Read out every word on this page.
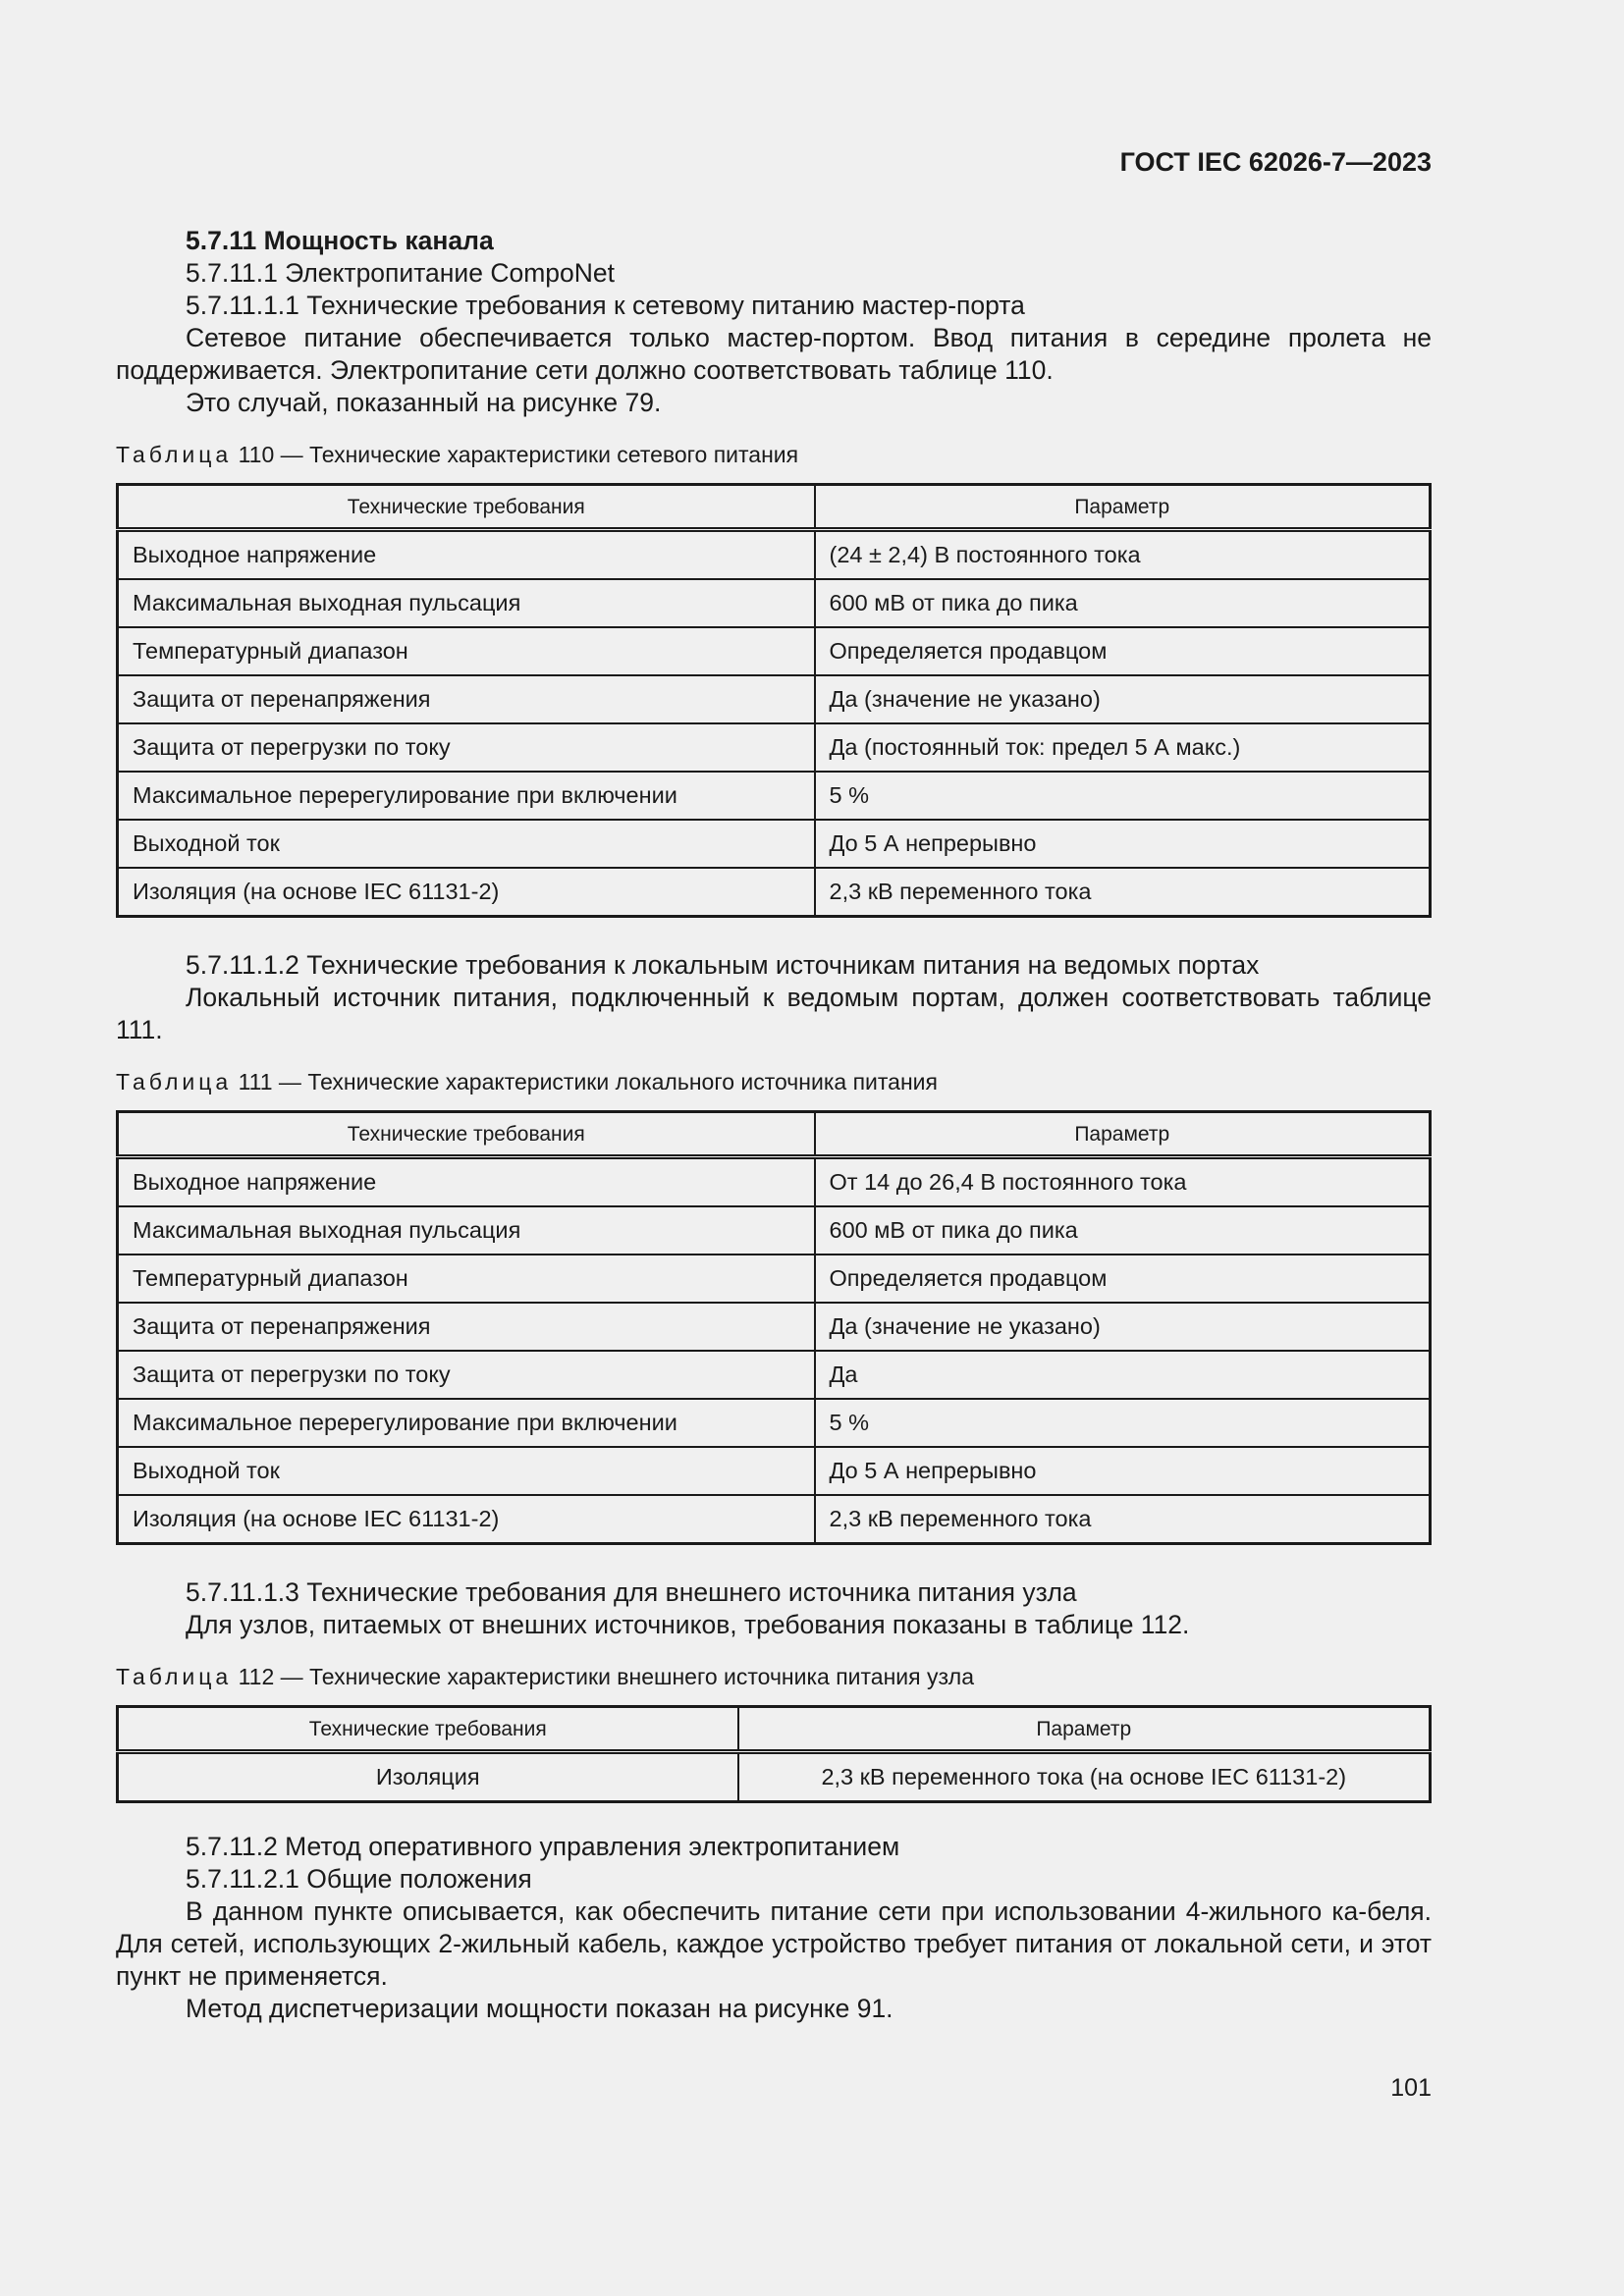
ГОСТ IEC 62026-7—2023
5.7.11 Мощность канала

5.7.11.1 Электропитание CompoNet

5.7.11.1.1 Технические требования к сетевому питанию мастер-порта

Сетевое питание обеспечивается только мастер-портом. Ввод питания в середине пролета не поддерживается. Электропитание сети должно соответствовать таблице 110.

Это случай, показанный на рисунке 79.

Таблица 110 — Технические характеристики сетевого питания
Технические требования	Параметр
Выходное напряжение	(24 ± 2,4) В постоянного тока
Максимальная выходная пульсация	600 мВ от пика до пика
Температурный диапазон	Определяется продавцом
Защита от перенапряжения	Да (значение не указано)
Защита от перегрузки по току	Да (постоянный ток: предел 5 А макс.)
Максимальное перерегулирование при включении	5 %
Выходной ток	До 5 А непрерывно
Изоляция (на основе IEC 61131-2)	2,3 кВ переменного тока

5.7.11.1.2 Технические требования к локальным источникам питания на ведомых портах

Локальный источник питания, подключенный к ведомым портам, должен соответствовать таблице 111.

Таблица 111 — Технические характеристики локального источника питания
Технические требования	Параметр
Выходное напряжение	От 14 до 26,4 В постоянного тока
Максимальная выходная пульсация	600 мВ от пика до пика
Температурный диапазон	Определяется продавцом
Защита от перенапряжения	Да (значение не указано)
Защита от перегрузки по току	Да
Максимальное перерегулирование при включении	5 %
Выходной ток	До 5 А непрерывно
Изоляция (на основе IEC 61131-2)	2,3 кВ переменного тока

5.7.11.1.3 Технические требования для внешнего источника питания узла

Для узлов, питаемых от внешних источников, требования показаны в таблице 112.

Таблица 112 — Технические характеристики внешнего источника питания узла
Технические требования	Параметр
Изоляция	2,3 кВ переменного тока (на основе IEC 61131-2)

5.7.11.2 Метод оперативного управления электропитанием

5.7.11.2.1 Общие положения

В данном пункте описывается, как обеспечить питание сети при использовании 4-жильного ка-беля. Для сетей, использующих 2-жильный кабель, каждое устройство требует питания от локальной сети, и этот пункт не применяется.

Метод диспетчеризации мощности показан на рисунке 91.

101
